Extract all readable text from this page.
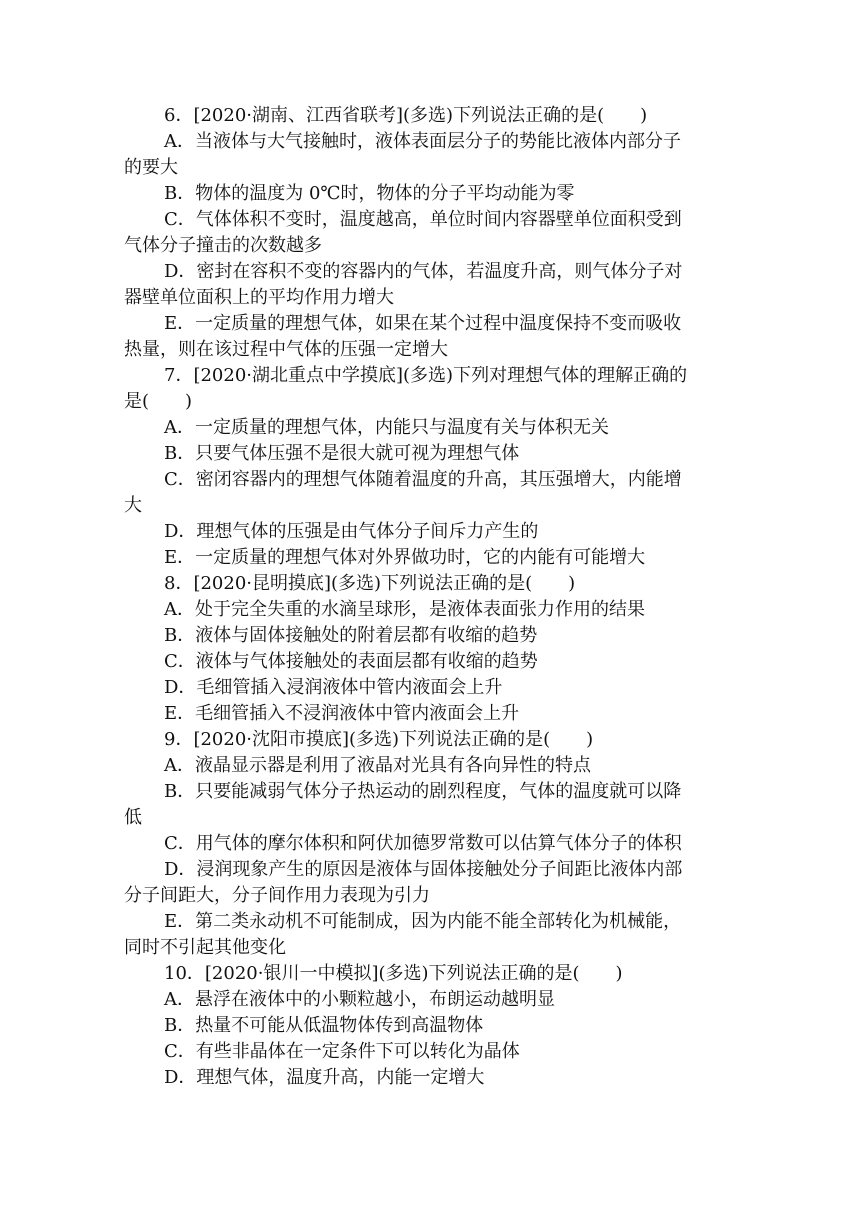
6．[2020·湖南、江西省联考](多选)下列说法正确的是(　　)
A．当液体与大气接触时，液体表面层分子的势能比液体内部分子
的要大
B．物体的温度为 0℃时，物体的分子平均动能为零
C．气体体积不变时，温度越高，单位时间内容器壁单位面积受到
气体分子撞击的次数越多
D．密封在容积不变的容器内的气体，若温度升高，则气体分子对
器壁单位面积上的平均作用力增大
E．一定质量的理想气体，如果在某个过程中温度保持不变而吸收
热量，则在该过程中气体的压强一定增大
7．[2020·湖北重点中学摸底](多选)下列对理想气体的理解正确的
是(　　)
A．一定质量的理想气体，内能只与温度有关与体积无关
B．只要气体压强不是很大就可视为理想气体
C．密闭容器内的理想气体随着温度的升高，其压强增大，内能增
大
D．理想气体的压强是由气体分子间斥力产生的
E．一定质量的理想气体对外界做功时，它的内能有可能增大
8．[2020·昆明摸底](多选)下列说法正确的是(　　)
A．处于完全失重的水滴呈球形，是液体表面张力作用的结果
B．液体与固体接触处的附着层都有收缩的趋势
C．液体与气体接触处的表面层都有收缩的趋势
D．毛细管插入浸润液体中管内液面会上升
E．毛细管插入不浸润液体中管内液面会上升
9．[2020·沈阳市摸底](多选)下列说法正确的是(　　)
A．液晶显示器是利用了液晶对光具有各向异性的特点
B．只要能减弱气体分子热运动的剧烈程度，气体的温度就可以降
低
C．用气体的摩尔体积和阿伏加德罗常数可以估算气体分子的体积
D．浸润现象产生的原因是液体与固体接触处分子间距比液体内部
分子间距大，分子间作用力表现为引力
E．第二类永动机不可能制成，因为内能不能全部转化为机械能，
同时不引起其他变化
10．[2020·银川一中模拟](多选)下列说法正确的是(　　)
A．悬浮在液体中的小颗粒越小，布朗运动越明显
B．热量不可能从低温物体传到高温物体
C．有些非晶体在一定条件下可以转化为晶体
D．理想气体，温度升高，内能一定增大
